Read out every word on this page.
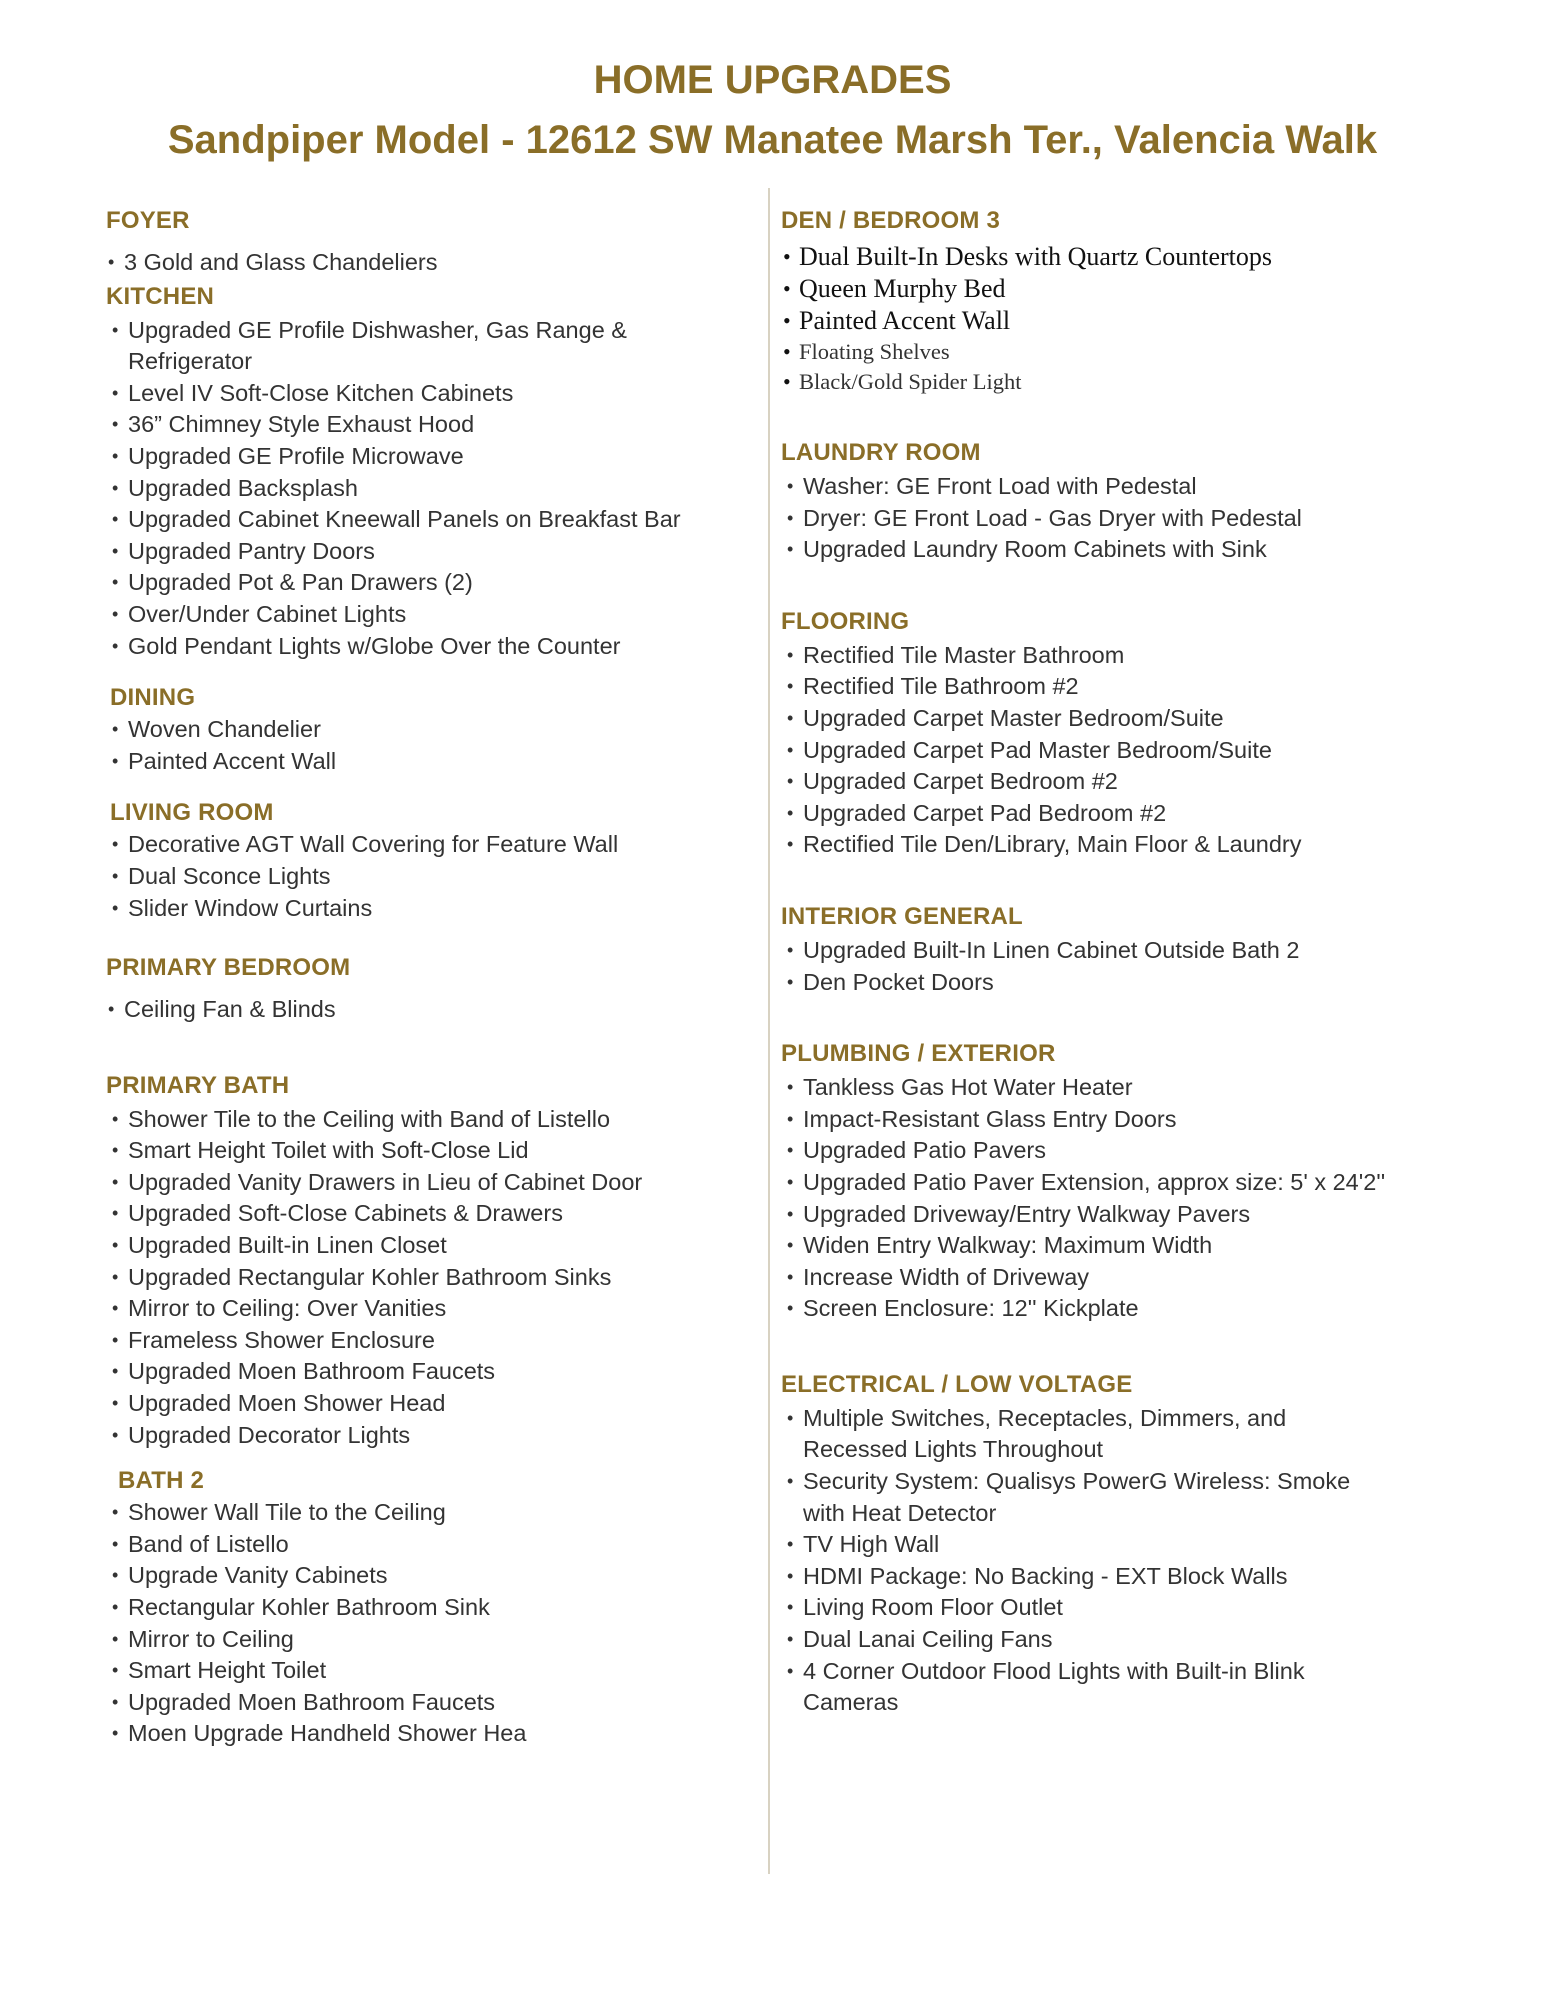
HOME UPGRADES
Sandpiper Model - 12612 SW Manatee Marsh Ter., Valencia Walk
FOYER
• 3 Gold and Glass Chandeliers
KITCHEN
• Upgraded GE Profile Dishwasher, Gas Range & Refrigerator
• Level IV Soft-Close Kitchen Cabinets
• 36” Chimney Style Exhaust Hood
• Upgraded GE Profile Microwave
• Upgraded Backsplash
• Upgraded Cabinet Kneewall Panels on Breakfast Bar
• Upgraded Pantry Doors
• Upgraded Pot & Pan Drawers (2)
• Over/Under Cabinet Lights
• Gold Pendant Lights w/Globe Over the Counter
DINING
• Woven Chandelier
• Painted Accent Wall
LIVING ROOM
• Decorative AGT Wall Covering for Feature Wall
• Dual Sconce Lights
• Slider Window Curtains
PRIMARY BEDROOM
• Ceiling Fan & Blinds
PRIMARY BATH
• Shower Tile to the Ceiling with Band of Listello
• Smart Height Toilet with Soft-Close Lid
• Upgraded Vanity Drawers in Lieu of Cabinet Door
• Upgraded Soft-Close Cabinets & Drawers
• Upgraded Built-in Linen Closet
• Upgraded Rectangular Kohler Bathroom Sinks
• Mirror to Ceiling: Over Vanities
• Frameless Shower Enclosure
• Upgraded Moen Bathroom Faucets
• Upgraded Moen Shower Head
• Upgraded Decorator Lights
BATH 2
• Shower Wall Tile to the Ceiling
• Band of Listello
• Upgrade Vanity Cabinets
• Rectangular Kohler Bathroom Sink
• Mirror to Ceiling
• Smart Height Toilet
• Upgraded Moen Bathroom Faucets
• Moen Upgrade Handheld Shower Hea
DEN / BEDROOM 3
• Dual Built-In Desks with Quartz Countertops
• Queen Murphy Bed
• Painted Accent Wall
• Floating Shelves
• Black/Gold Spider Light
LAUNDRY ROOM
• Washer: GE Front Load with Pedestal
• Dryer: GE Front Load - Gas Dryer with Pedestal
• Upgraded Laundry Room Cabinets with Sink
FLOORING
• Rectified Tile Master Bathroom
• Rectified Tile Bathroom #2
• Upgraded Carpet Master Bedroom/Suite
• Upgraded Carpet Pad Master Bedroom/Suite
• Upgraded Carpet Bedroom #2
• Upgraded Carpet Pad Bedroom #2
• Rectified Tile Den/Library, Main Floor & Laundry
INTERIOR GENERAL
• Upgraded Built-In Linen Cabinet Outside Bath 2
• Den Pocket Doors
PLUMBING / EXTERIOR
• Tankless Gas Hot Water Heater
• Impact-Resistant Glass Entry Doors
• Upgraded Patio Pavers
• Upgraded Patio Paver Extension, approx size: 5' x 24'2''
• Upgraded Driveway/Entry Walkway Pavers
• Widen Entry Walkway: Maximum Width
• Increase Width of Driveway
• Screen Enclosure: 12'' Kickplate
ELECTRICAL / LOW VOLTAGE
• Multiple Switches, Receptacles, Dimmers, and Recessed Lights Throughout
• Security System: Qualisys PowerG Wireless: Smoke with Heat Detector
• TV High Wall
• HDMI Package: No Backing - EXT Block Walls
• Living Room Floor Outlet
• Dual Lanai Ceiling Fans
• 4 Corner Outdoor Flood Lights with Built-in Blink Cameras
